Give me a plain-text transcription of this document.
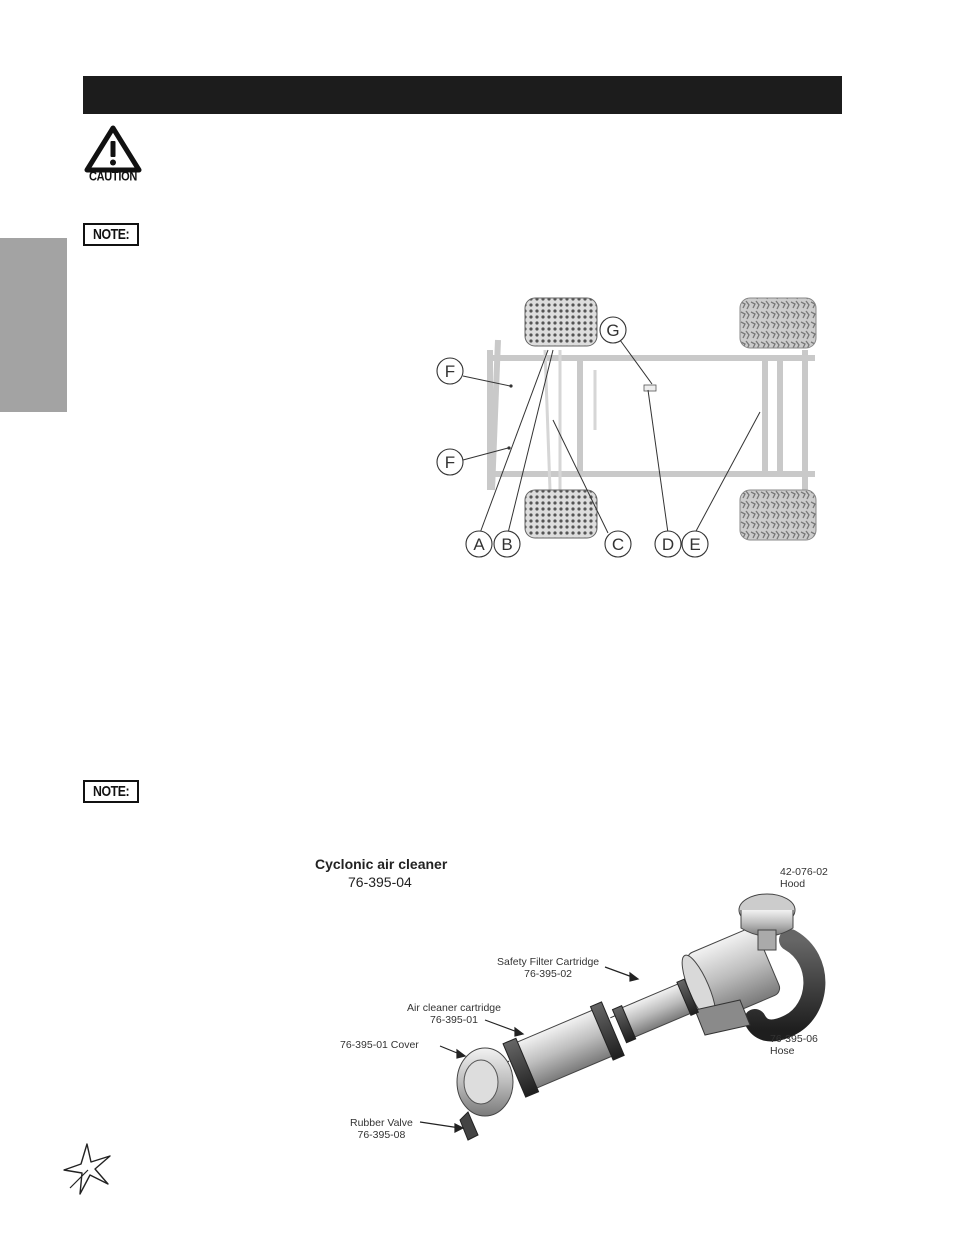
CAUTION
NOTE:
NOTE:
F
F
A B	C D E
G
Cyclonic air cleaner
76-395-04
42-076-02
Hood
Safety Filter Cartridge
76-395-02
Air cleaner cartridge
76-395-01
76-395-01 Cover	76-395-06
Hose
Rubber Valve
76-395-08
